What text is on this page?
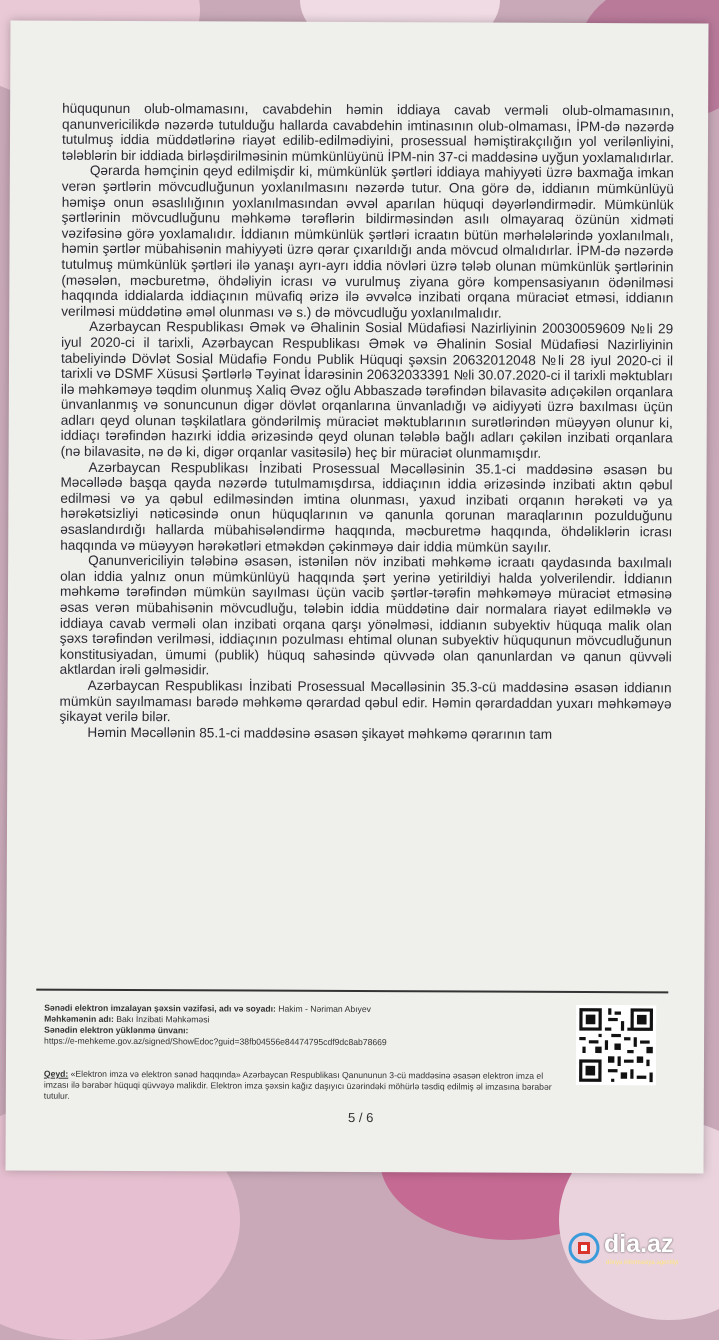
hüququnun olub-olmamasını, cavabdehin həmin iddiaya cavab verməli olub-olmamasının, qanunvericilikdə nəzərdə tutulduğu hallarda cavabdehin imtinasının olub-olmaması, İPM-də nəzərdə tutulmuş iddia müddətlərinə riayət edilib-edilmədiyini, prosessual həmiştirakçılığın yol verilənliyini, tələblərin bir iddiada birləşdirilməsinin mümkünlüyünü İPM-nin 37-ci maddəsinə uyğun yoxlamalıdırlar.

Qərarda həmçinin qeyd edilmişdir ki, mümkünlük şərtləri iddiaya mahiyyəti üzrə baxmağa imkan verən şərtlərin mövcudluğunun yoxlanılmasını nəzərdə tutur. Ona görə də, iddianın mümkünlüyü həmişə onun əsaslılığının yoxlanılmasından əvvəl aparılan hüquqi dəyərləndirmədir. Mümkünlük şərtlərinin mövcudluğunu məhkəmə tərəflərin bildirməsindən asılı olmayaraq özünün xidməti vəzifəsinə görə yoxlamalıdır. İddianın mümkünlük şərtləri icraatın bütün mərhələlərində yoxlanılmalı, həmin şərtlər mübahisənin mahiyyəti üzrə qərar çıxarıldığı anda mövcud olmalıdırlar. İPM-də nəzərdə tutulmuş mümkünlük şərtləri ilə yanaşı ayrı-ayrı iddia növləri üzrə tələb olunan mümkünlük şərtlərinin (məsələn, məcburetmə, öhdəliyin icrası və vurulmuş ziyana görə kompensasiyanın ödənilməsi haqqında iddialarda iddiaçının müvafiq ərizə ilə əvvəlcə inzibati orqana müraciət etməsi, iddianın verilməsi müddətinə əməl olunması və s.) də mövcudluğu yoxlanılmalıdır.

Azərbaycan Respublikası Əmək və Əhalinin Sosial Müdafiəsi Nazirliyinin 20030059609 №li 29 iyul 2020-ci il tarixli, Azərbaycan Respublikası Əmək və Əhalinin Sosial Müdafiəsi Nazirliyinin tabeliyində Dövlət Sosial Müdafiə Fondu Publik Hüquqi şəxsin 20632012048 №li 28 iyul 2020-ci il tarixli və DSMF Xüsusi Şərtlərlə Təyinat İdarəsinin 20632033391 №li 30.07.2020-ci il tarixli məktubları ilə məhkəməyə təqdim olunmuş Xaliq Əvəz oğlu Abbaszadə tərəfindən bilavasitə adıçəkilən orqanlara ünvanlanmış və sonuncunun digər dövlət orqanlarına ünvanladığı və aidiyyəti üzrə baxılması üçün adları qeyd olunan təşkilatlara göndərilmiş müraciət məktublarının surətlərindən müəyyən olunur ki, iddiaçı tərəfindən hazırki iddia ərizəsində qeyd olunan tələblə bağlı adları çəkilən inzibati orqanlara (nə bilavasitə, nə də ki, digər orqanlar vasitəsilə) heç bir müraciət olunmamışdır.

Azərbaycan Respublikası İnzibati Prosessual Məcəlləsinin 35.1-ci maddəsinə əsasən bu Məcəllədə başqa qayda nəzərdə tutulmamışdırsa, iddiaçının iddia ərizəsində inzibati aktın qəbul edilməsi və ya qəbul edilməsindən imtina olunması, yaxud inzibati orqanın hərəkəti və ya hərəkətsizliyi nəticəsində onun hüquqlarının və qanunla qorunan maraqlarının pozulduğunu əsaslandırdığı hallarda mübahisələndirmə haqqında, məcburetmə haqqında, öhdəliklərin icrası haqqında və müəyyən hərəkətləri etməkdən çəkinməyə dair iddia mümkün sayılır.

Qanunvericiliyin tələbinə əsasən, istənilən növ inzibati məhkəmə icraatı qaydasında baxılmalı olan iddia yalnız onun mümkünlüyü haqqında şərt yerinə yetirildiyi halda yolverilendir. İddianın məhkəmə tərəfindən mümkün sayılması üçün vacib şərtlər-tərəfin məhkəməyə müraciət etməsinə əsas verən mübahisənin mövcudluğu, tələbin iddia müddətinə dair normalara riayət edilməklə və iddiaya cavab verməli olan inzibati orqana qarşı yönəlməsi, iddianın subyektiv hüquqa malik olan şəxs tərəfindən verilməsi, iddiaçının pozulması ehtimal olunan subyektiv hüququnun mövcudluğunun konstitusiyadan, ümumi (publik) hüquq sahəsində qüvvədə olan qanunlardan və qanun qüvvəli aktlardan irəli gəlməsidir.

Azərbaycan Respublikası İnzibati Prosessual Məcəlləsinin 35.3-cü maddəsinə əsasən iddianın mümkün sayılmaması barədə məhkəmə qərardad qəbul edir. Həmin qərardaddan yuxarı məhkəməyə şikayət verilə bilər.

Həmin Məcəllənin 85.1-ci maddəsinə əsasən şikayət məhkəmə qərarının tam

Sənədi elektron imzalayan şəxsin vəzifəsi, adı və soyadı: Hakim - Nəriman Abıyev
Məhkəmənin adı: Bakı İnzibati Məhkəməsi
Sənədin elektron yüklənmə ünvanı:
https://e-mehkeme.gov.az/signed/ShowEdoc?guid=38fb04556e84474795cdf9dc8ab78669
Qeyd: «Elektron imza və elektron sənəd haqqında» Azərbaycan Respublikası Qanununun 3-cü maddəsinə əsasən elektron imza el imzası ilə bərabər hüquqi qüvvəyə malikdir. Elektron imza şəxsin kağız daşıyıcı üzərindəki möhürlə təsdiq edilmiş əl imzasına bərabər tutulur.
5 / 6
dia.az
dünya informasiya agentliyi
